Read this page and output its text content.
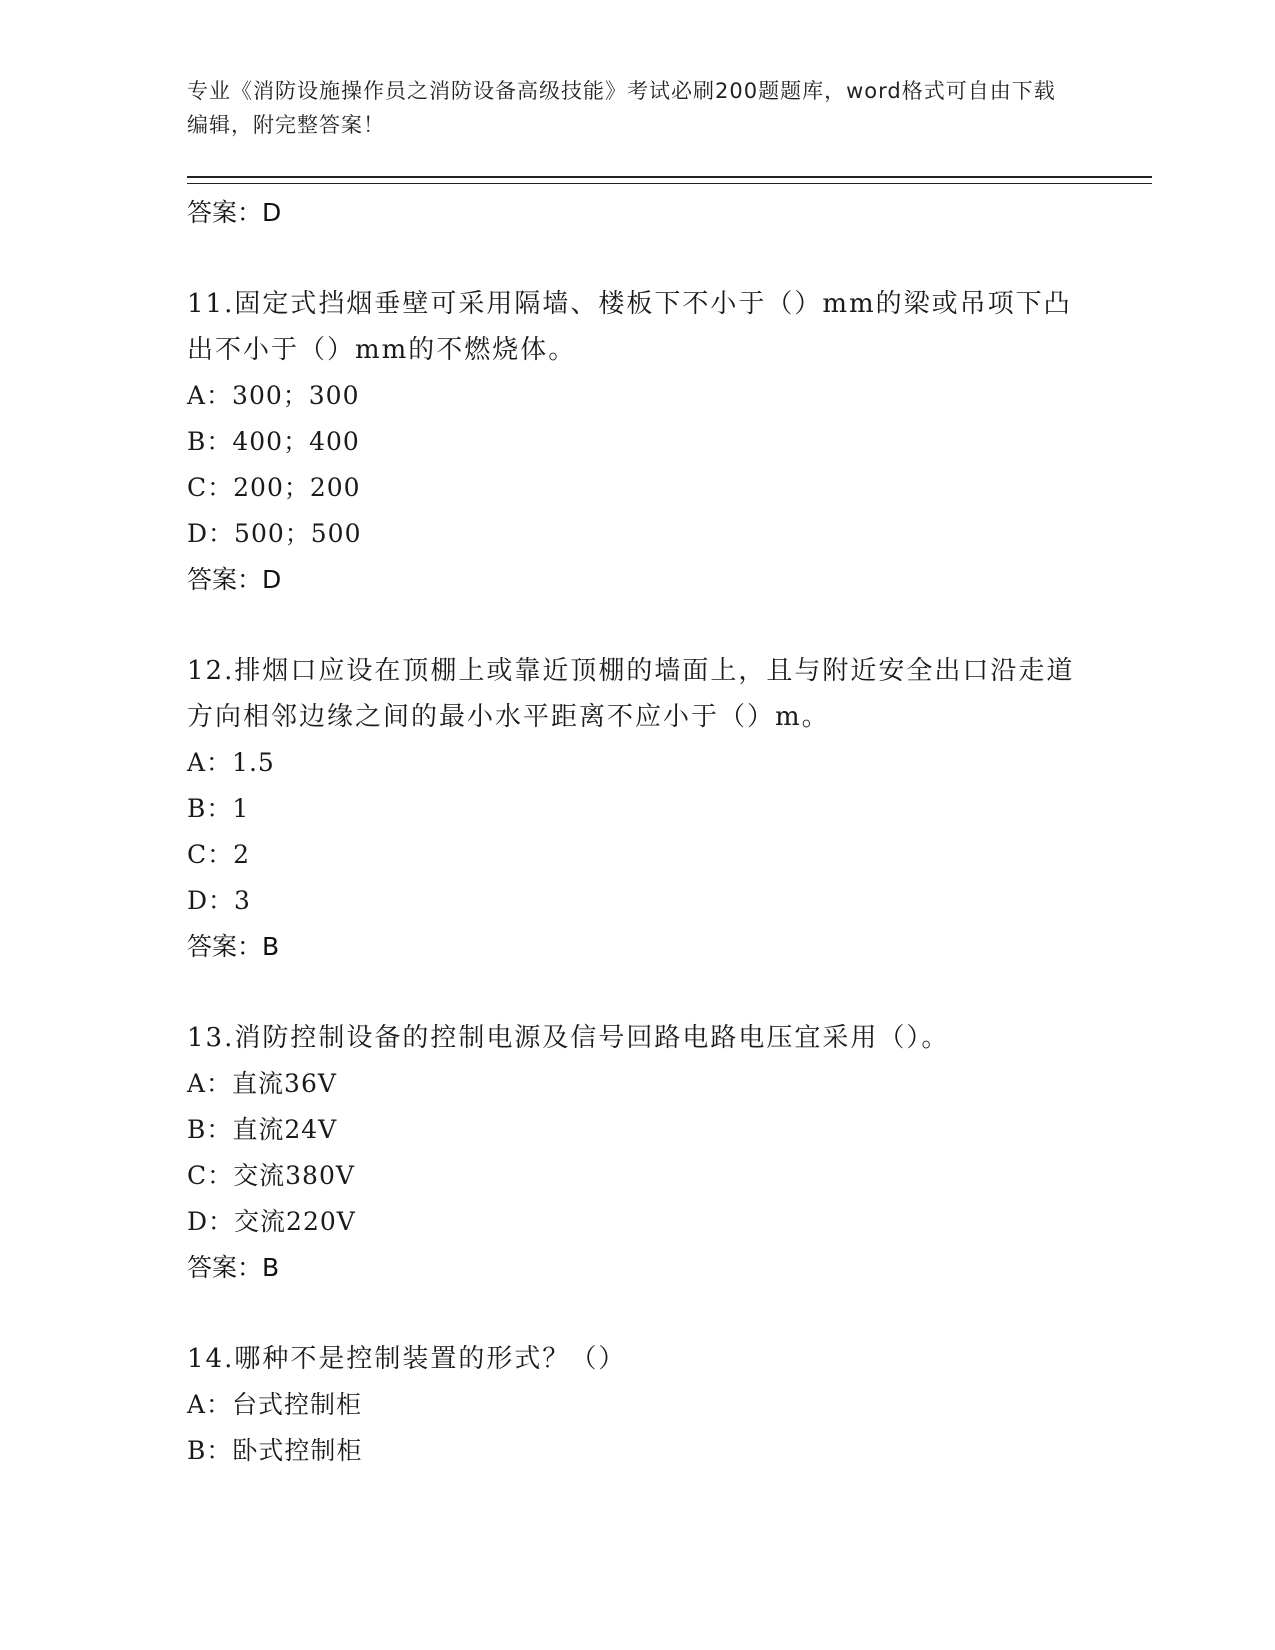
专业《消防设施操作员之消防设备高级技能》考试必刷200题题库，word格式可自由下载编辑，附完整答案！
答案：D
11.固定式挡烟垂壁可采用隔墙、楼板下不小于（）mm的梁或吊项下凸出不小于（）mm的不燃烧体。
A：300；300
B：400；400
C：200；200
D：500；500
答案：D
12.排烟口应设在顶棚上或靠近顶棚的墙面上，且与附近安全出口沿走道方向相邻边缘之间的最小水平距离不应小于（）m。
A：1.5
B：1
C：2
D：3
答案：B
13.消防控制设备的控制电源及信号回路电路电压宜采用（）。
A：直流36V
B：直流24V
C：交流380V
D：交流220V
答案：B
14.哪种不是控制装置的形式？（）
A：台式控制柜
B：卧式控制柜
